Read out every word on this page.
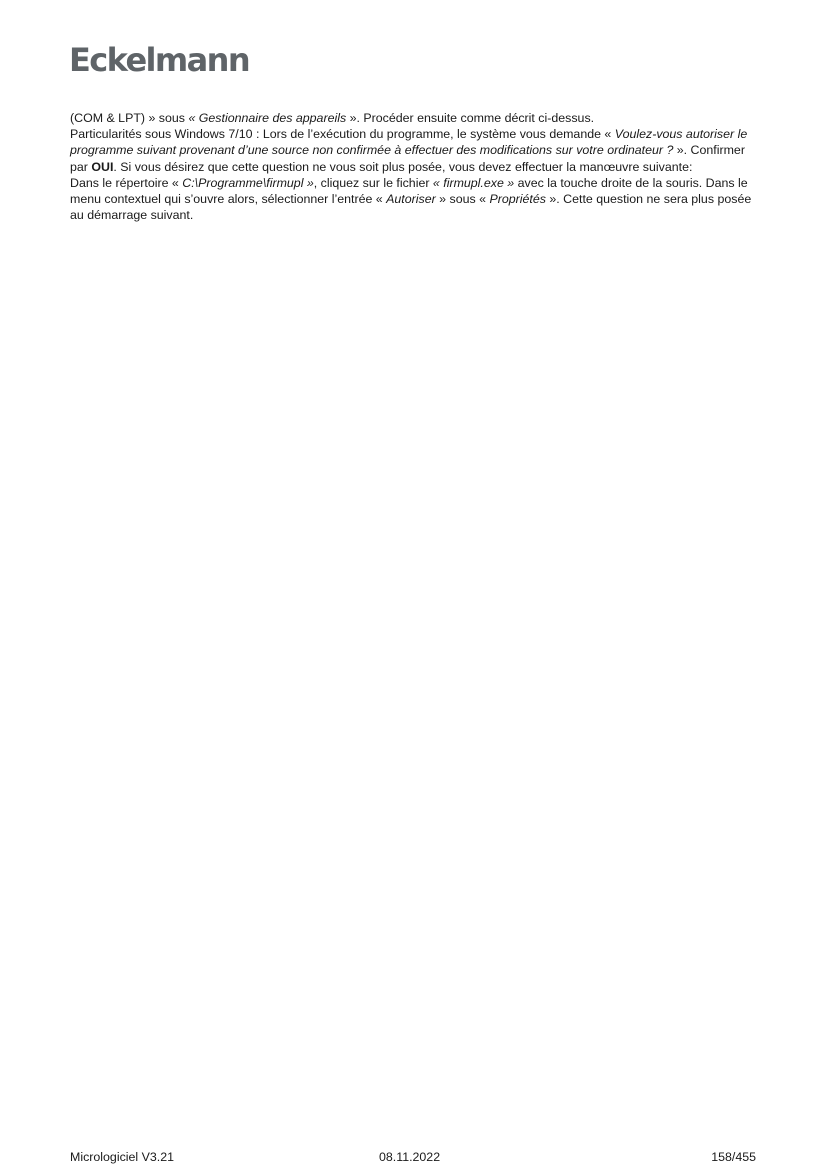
Eckelmann

(COM & LPT) » sous « Gestionnaire des appareils ». Procéder ensuite comme décrit ci-dessus.

Particularités sous Windows 7/10 : Lors de l’exécution du programme, le système vous demande « Voulez-vous autoriser le programme suivant provenant d’une source non confirmée à effectuer des modifications sur votre ordinateur ? ». Confirmer par OUI. Si vous désirez que cette question ne vous soit plus posée, vous devez effectuer la manœuvre suivante:

Dans le répertoire « C:\Programme\firmupl », cliquez sur le fichier « firmupl.exe » avec la touche droite de la souris. Dans le menu contextuel qui s’ouvre alors, sélectionner l’entrée « Autoriser » sous « Propriétés ». Cette question ne sera plus posée au démarrage suivant.

Micrologiciel V3.21	08.11.2022	158/455
